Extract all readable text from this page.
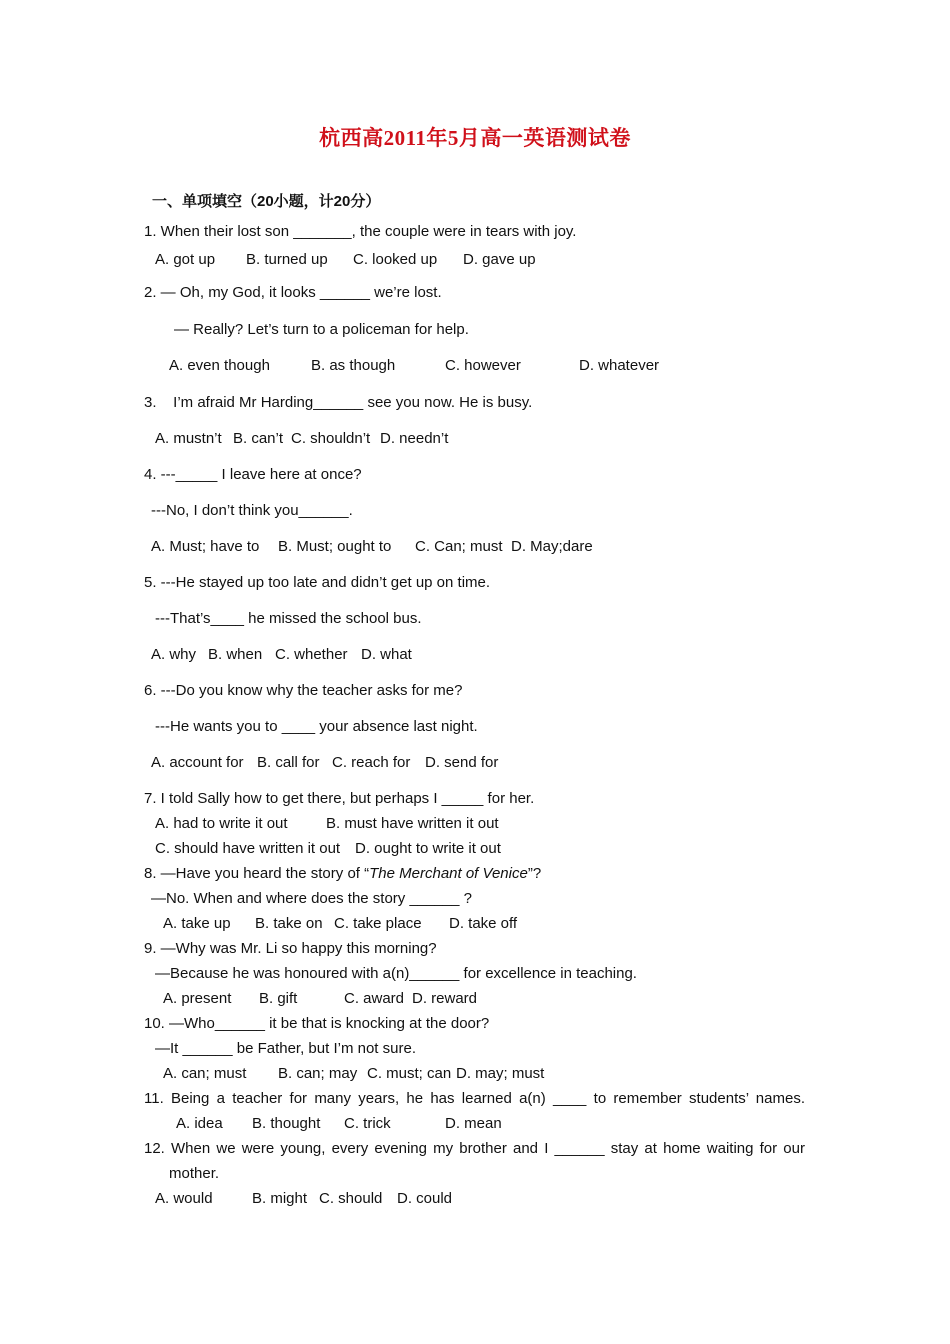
杭西高2011年5月高一英语测试卷
一、单项填空（20小题，计20分）
1. When their lost son _______, the couple were in tears with joy.
A. got up B. turned up C. looked up D. gave up
2. — Oh, my God, it looks ______ we’re lost.
— Really? Let’s turn to a policeman for help.
A. even though	B. as though	C. however	D. whatever
3.    I’m afraid Mr Harding______ see you now. He is busy.
A. mustn’t B. can’t C. shouldn’t D. needn’t
4. ---_____ I leave here at once?
---No, I don’t think you______.
A. Must; have to B. Must; ought to C. Can; must D. May;dare
5. ---He stayed up too late and didn’t get up on time.
---That’s____ he missed the school bus.
A. why B. when C. whether D. what
6. ---Do you know why the teacher asks for me?
---He wants you to ____ your absence last night.
A. account for B. call for C. reach for D. send for
7. I told Sally how to get there, but perhaps I _____ for her.
A. had to write it out	B. must have written it out
C. should have written it out D. ought to write it out
8. —Have you heard the story of “The Merchant of Venice”?
—No. When and where does the story ______ ?
A. take up B. take on C. take place D. take off
9. —Why was Mr. Li so happy this morning?
—Because he was honoured with a(n)______ for excellence in teaching.
A. present B. gift	C. award D. reward
10. —Who______ it be that is knocking at the door?
—It ______ be Father, but I’m not sure.
A. can; must B. can; may C. must; can D. may; must
11. Being a teacher for many years, he has learned a(n) ____ to remember students’ names.
A. idea B. thought C. trick	D. mean
12. When we were young, every evening my brother and I ______ stay at home waiting for our
mother.
A. would	B. might C. should D. could
